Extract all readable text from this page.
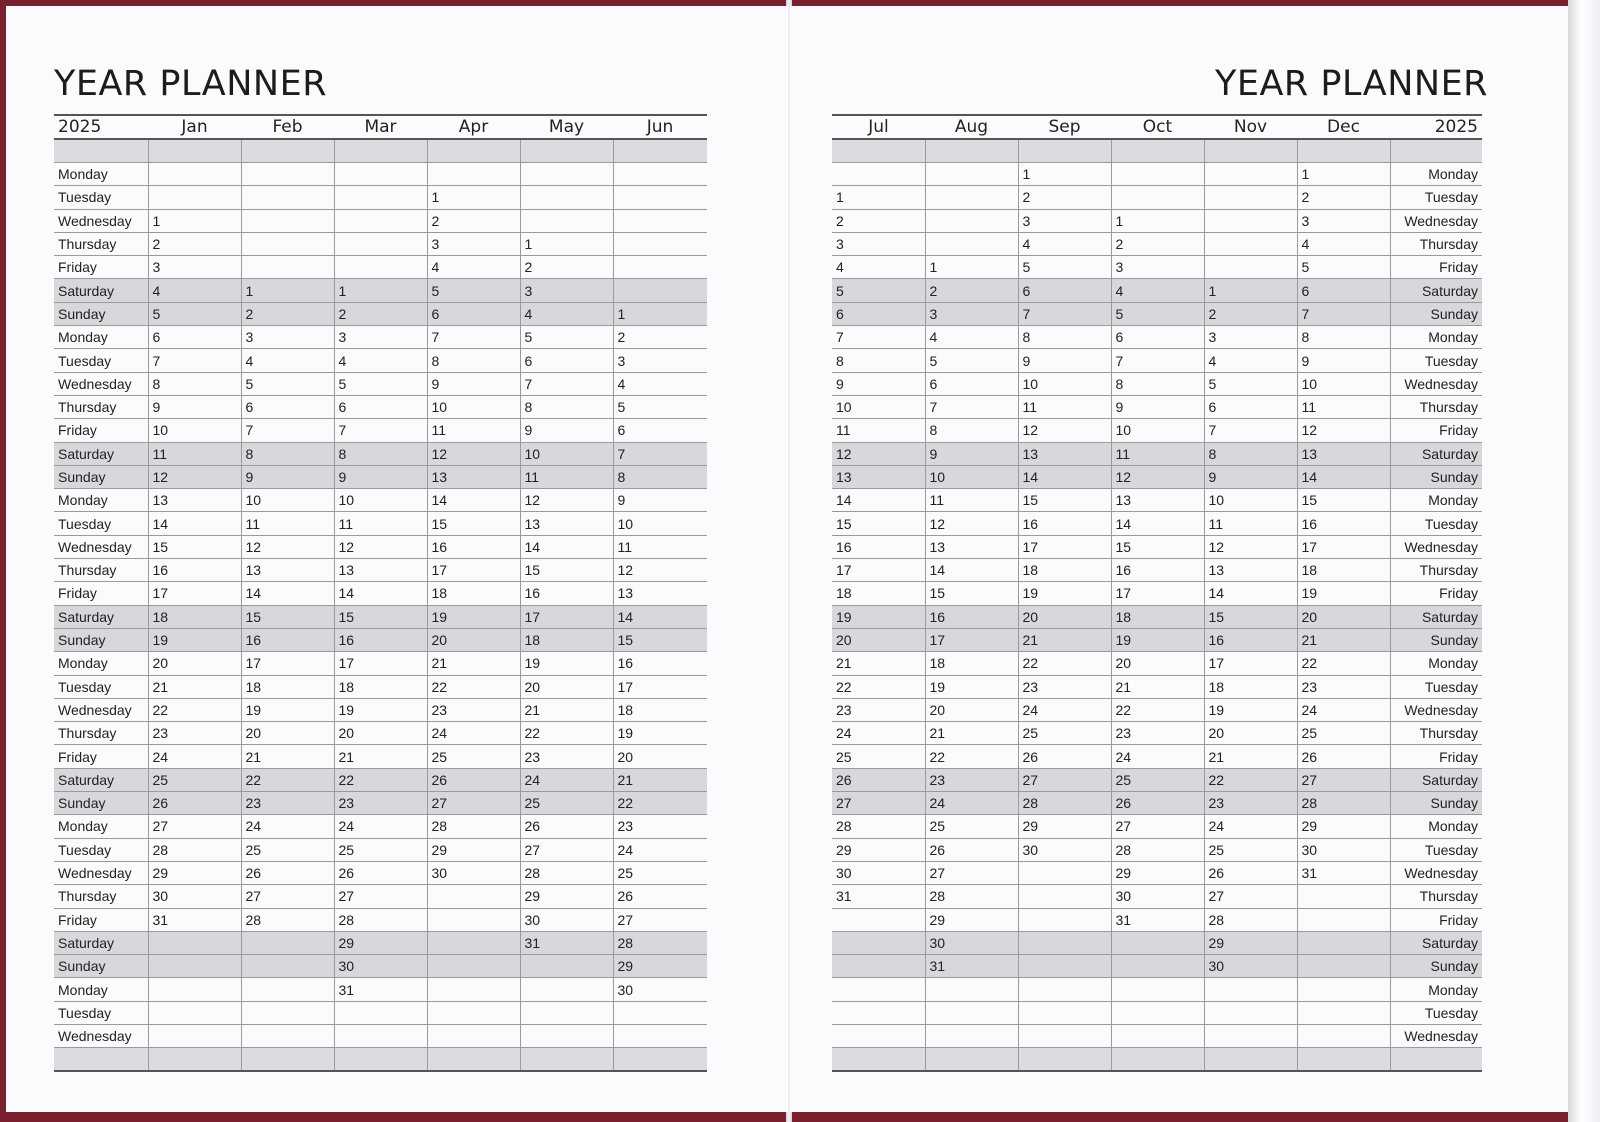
YEAR PLANNER
2025	Jan	Feb	Mar	Apr	May	Jun

Monday						
Tuesday				1		
Wednesday	1			2		
Thursday	2			3	1	
Friday	3			4	2	
Saturday	4	1	1	5	3	
Sunday	5	2	2	6	4	1
Monday	6	3	3	7	5	2
Tuesday	7	4	4	8	6	3
Wednesday	8	5	5	9	7	4
Thursday	9	6	6	10	8	5
Friday	10	7	7	11	9	6
Saturday	11	8	8	12	10	7
Sunday	12	9	9	13	11	8
Monday	13	10	10	14	12	9
Tuesday	14	11	11	15	13	10
Wednesday	15	12	12	16	14	11
Thursday	16	13	13	17	15	12
Friday	17	14	14	18	16	13
Saturday	18	15	15	19	17	14
Sunday	19	16	16	20	18	15
Monday	20	17	17	21	19	16
Tuesday	21	18	18	22	20	17
Wednesday	22	19	19	23	21	18
Thursday	23	20	20	24	22	19
Friday	24	21	21	25	23	20
Saturday	25	22	22	26	24	21
Sunday	26	23	23	27	25	22
Monday	27	24	24	28	26	23
Tuesday	28	25	25	29	27	24
Wednesday	29	26	26	30	28	25
Thursday	30	27	27		29	26
Friday	31	28	28		30	27
Saturday			29		31	28
Sunday			30			29
Monday			31			30
Tuesday						
Wednesday						

YEAR PLANNER
Jul	Aug	Sep	Oct	Nov	Dec	2025

		1			1	Monday
1		2			2	Tuesday
2		3	1		3	Wednesday
3		4	2		4	Thursday
4	1	5	3		5	Friday
5	2	6	4	1	6	Saturday
6	3	7	5	2	7	Sunday
7	4	8	6	3	8	Monday
8	5	9	7	4	9	Tuesday
9	6	10	8	5	10	Wednesday
10	7	11	9	6	11	Thursday
11	8	12	10	7	12	Friday
12	9	13	11	8	13	Saturday
13	10	14	12	9	14	Sunday
14	11	15	13	10	15	Monday
15	12	16	14	11	16	Tuesday
16	13	17	15	12	17	Wednesday
17	14	18	16	13	18	Thursday
18	15	19	17	14	19	Friday
19	16	20	18	15	20	Saturday
20	17	21	19	16	21	Sunday
21	18	22	20	17	22	Monday
22	19	23	21	18	23	Tuesday
23	20	24	22	19	24	Wednesday
24	21	25	23	20	25	Thursday
25	22	26	24	21	26	Friday
26	23	27	25	22	27	Saturday
27	24	28	26	23	28	Sunday
28	25	29	27	24	29	Monday
29	26	30	28	25	30	Tuesday
30	27		29	26	31	Wednesday
31	28		30	27		Thursday
	29		31	28		Friday
	30			29		Saturday
	31			30		Sunday
						Monday
						Tuesday
						Wednesday
